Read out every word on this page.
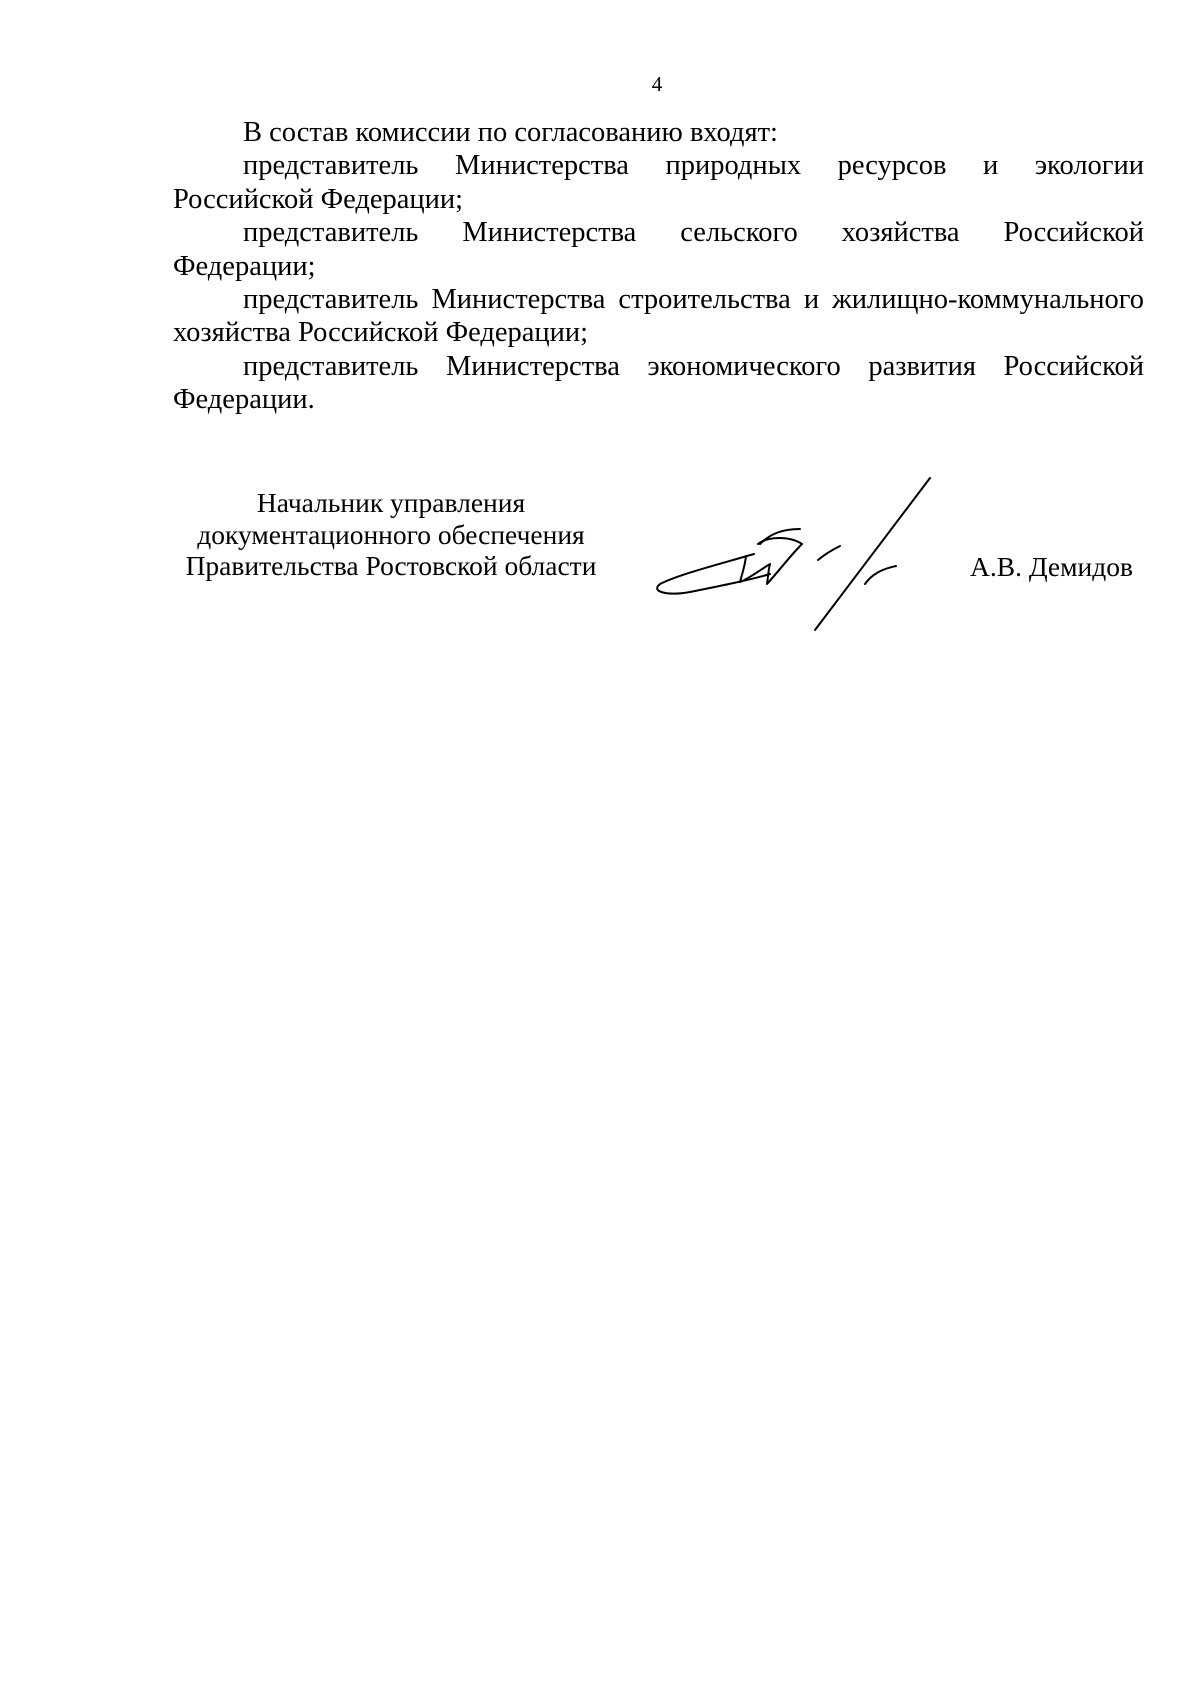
4

В состав комиссии по согласованию входят:

представитель Министерства природных ресурсов и экологии Российской Федерации;

представитель Министерства сельского хозяйства Российской Федерации;

представитель Министерства строительства и жилищно-коммунального хозяйства Российской Федерации;

представитель Министерства экономического развития Российской Федерации.

Начальник управления
документационного обеспечения
Правительства Ростовской области	А.В. Демидов
